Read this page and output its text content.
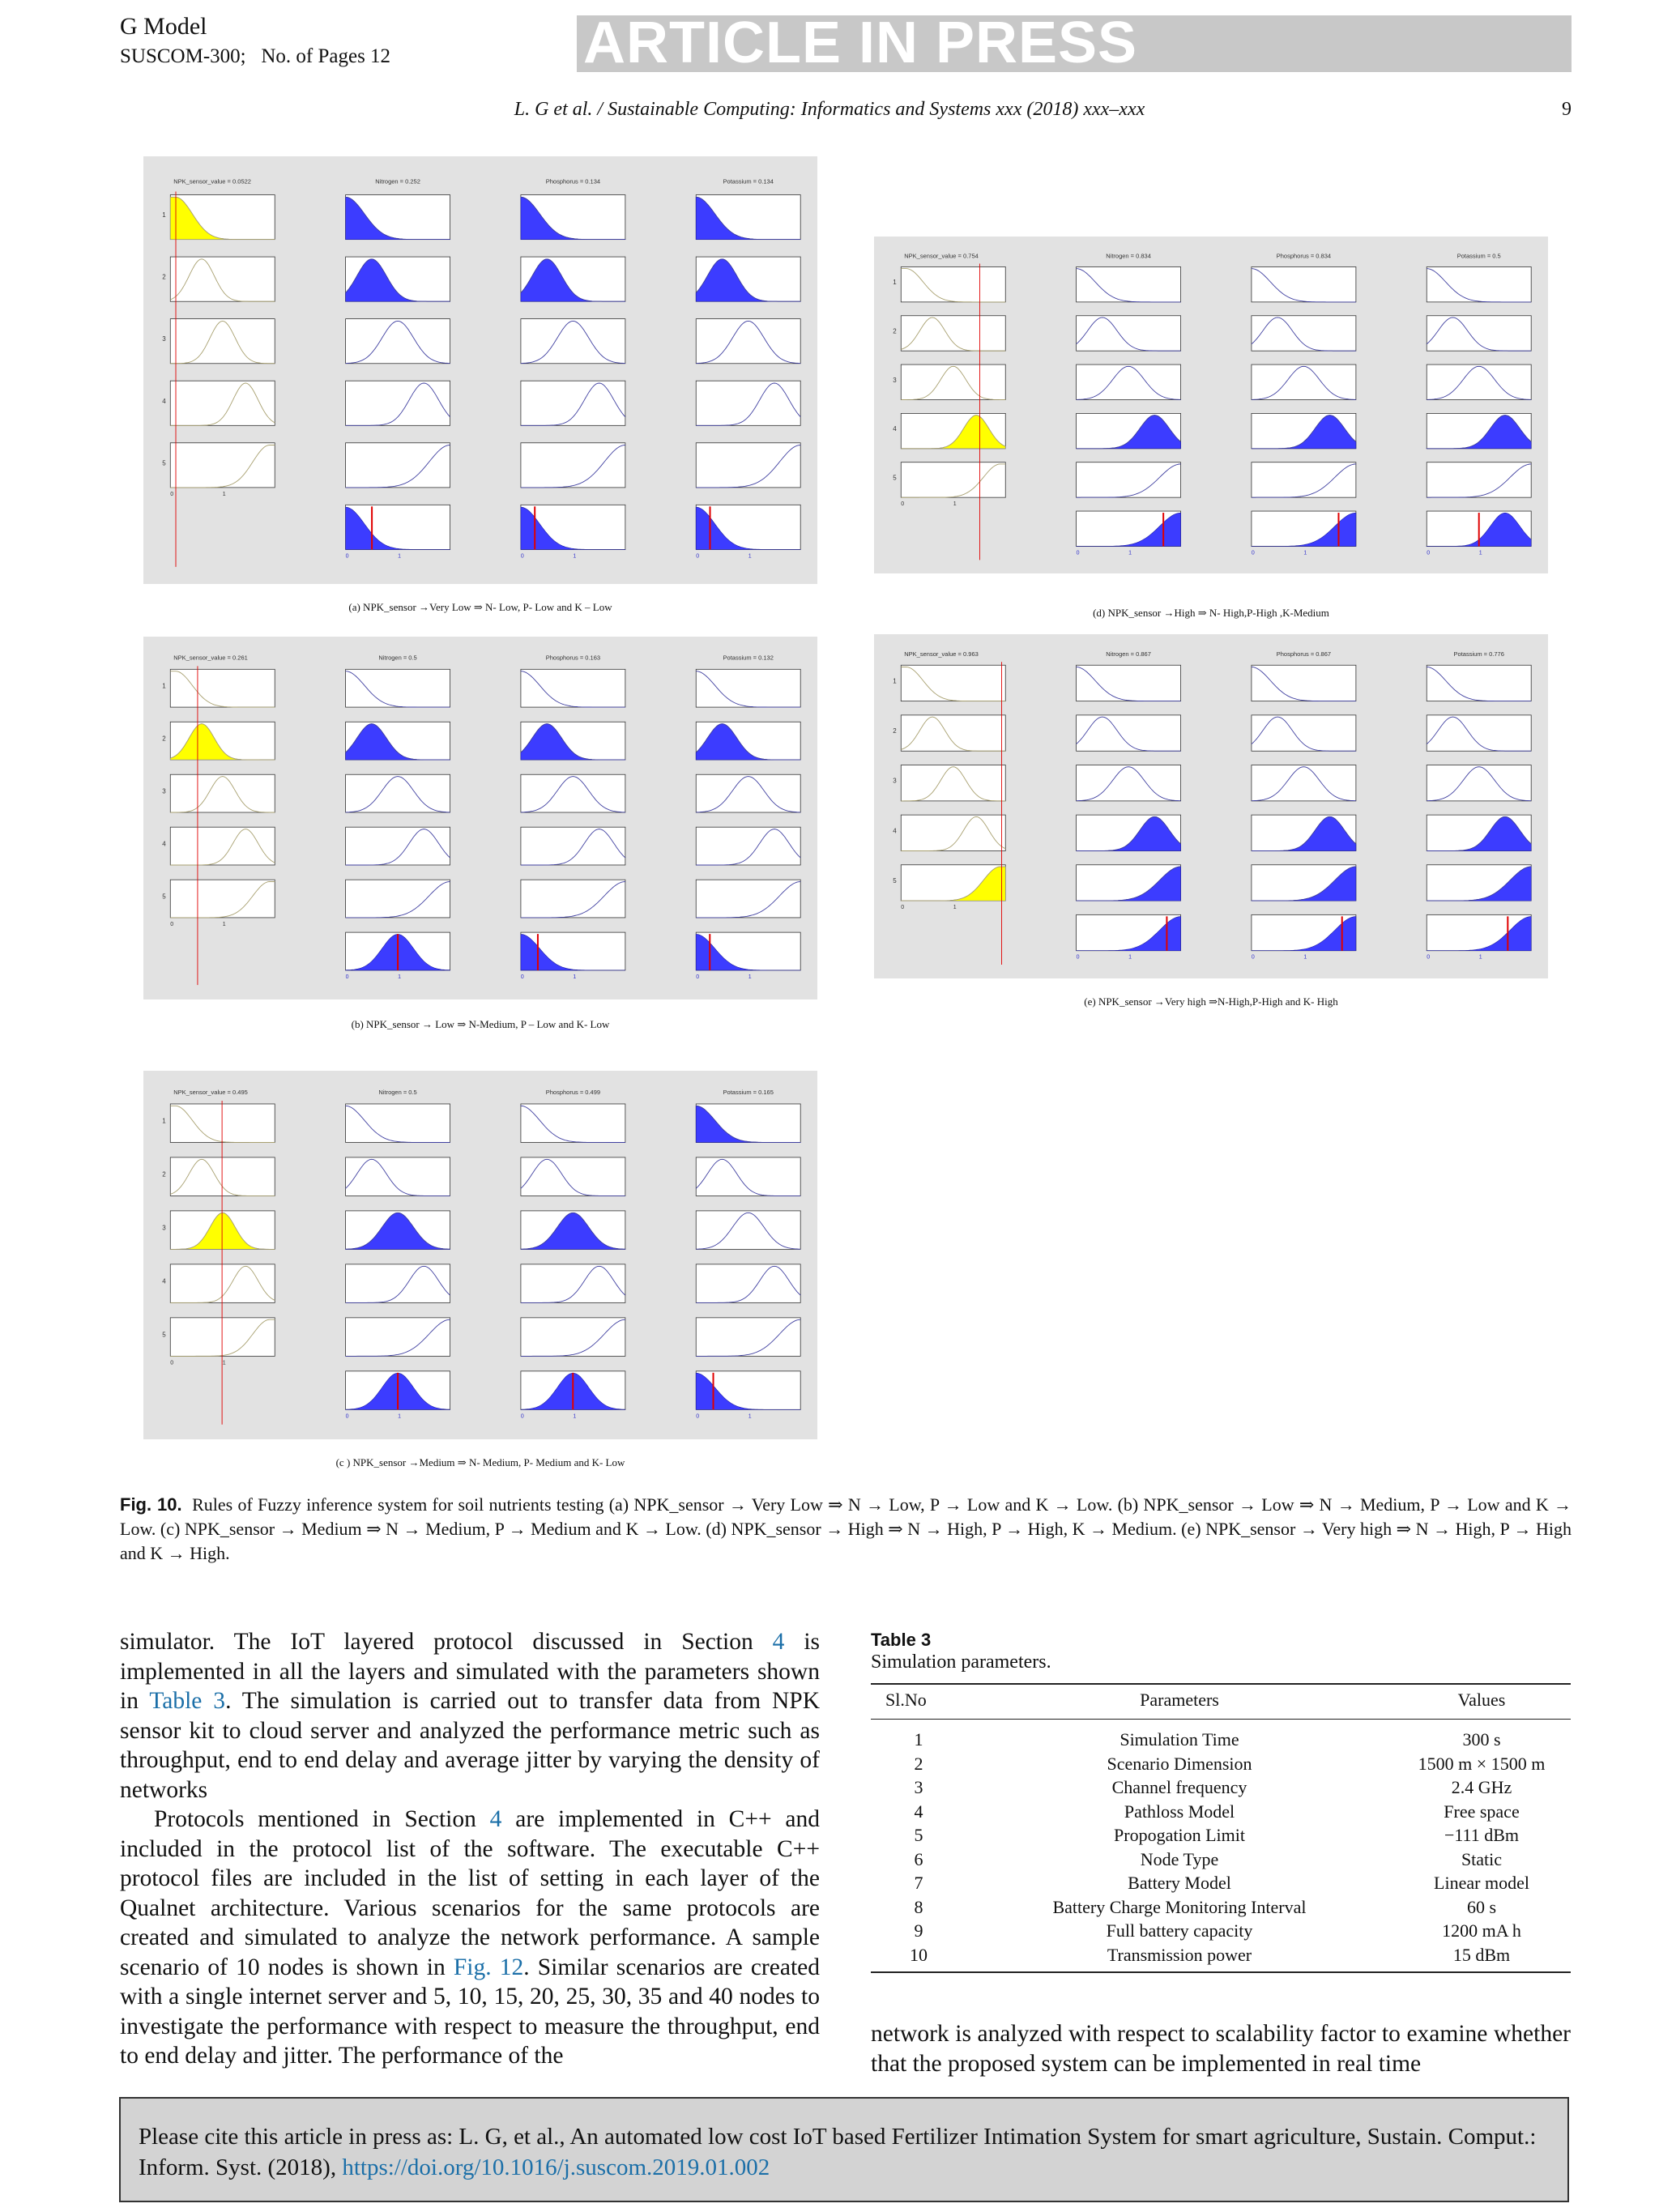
G Model
SUSCOM-300; No. of Pages 12	ARTICLE IN PRESS
L. G et al. / Sustainable Computing: Informatics and Systems xxx (2018) xxx–xxx	9
NPK_sensor_value = 0.0522	Nitrogen = 0.252	Phosphorus = 0.134	Potassium = 0.134
1
2
3
4
5
0	1	0	1	0	1
0	1
(a) NPK_sensor →Very Low ⇒ N- Low, P- Low and K – Low
NPK_sensor_value = 0.754	Nitrogen = 0.834	Phosphorus = 0.834	Potassium = 0.5
1
2
3
4
5
0	1	0	1	0	1
0	1
(d) NPK_sensor →High ⇒ N- High,P-High ,K-Medium
NPK_sensor_value = 0.261	Nitrogen = 0.5	Phosphorus = 0.163	Potassium = 0.132
1
2
3
4
5
0	1	0	1	0	1
0	1
(b) NPK_sensor → Low ⇒ N-Medium, P – Low and K- Low
NPK_sensor_value = 0.963	Nitrogen = 0.867	Phosphorus = 0.867	Potassium = 0.776
1
2
3
4
5
0	1	0	1	0	1
0	1
(e) NPK_sensor →Very high ⇒N-High,P-High and K- High
NPK_sensor_value = 0.495	Nitrogen = 0.5	Phosphorus = 0.499	Potassium = 0.165
1
2
3
4
5
0	1	0	1	0	1
0	1
(c ) NPK_sensor →Medium ⇒ N- Medium, P- Medium and K- Low
Fig. 10. Rules of Fuzzy inference system for soil nutrients testing (a) NPK_sensor → Very Low ⇒ N → Low, P → Low and K → Low. (b) NPK_sensor → Low ⇒ N → Medium, P → Low and K → Low. (c) NPK_sensor → Medium ⇒ N → Medium, P → Medium and K → Low. (d) NPK_sensor → High ⇒ N → High, P → High, K → Medium. (e) NPK_sensor → Very high ⇒ N → High, P → High and K → High.
simulator. The IoT layered protocol discussed in Section 4 is implemented in all the layers and simulated with the parameters shown in Table 3. The simulation is carried out to transfer data from NPK sensor kit to cloud server and analyzed the performance metric such as throughput, end to end delay and average jitter by varying the density of networks
Protocols mentioned in Section 4 are implemented in C++ and included in the protocol list of the software. The executable C++ protocol files are included in the list of setting in each layer of the Qualnet architecture. Various scenarios for the same protocols are created and simulated to analyze the network performance. A sample scenario of 10 nodes is shown in Fig. 12. Similar scenarios are created with a single internet server and 5, 10, 15, 20, 25, 30, 35 and 40 nodes to investigate the performance with respect to measure the throughput, end to end delay and jitter. The performance of the
Table 3
Simulation parameters.
Sl.No	Parameters	Values
1	Simulation Time	300 s
2	Scenario Dimension	1500 m × 1500 m
3	Channel frequency	2.4 GHz
4	Pathloss Model	Free space
5	Propogation Limit	−111 dBm
6	Node Type	Static
7	Battery Model	Linear model
8	Battery Charge Monitoring Interval	60 s
9	Full battery capacity	1200 mA h
10	Transmission power	15 dBm
network is analyzed with respect to scalability factor to examine whether that the proposed system can be implemented in real time
Please cite this article in press as: L. G, et al., An automated low cost IoT based Fertilizer Intimation System for smart agriculture, Sustain. Comput.: Inform. Syst. (2018), https://doi.org/10.1016/j.suscom.2019.01.002
